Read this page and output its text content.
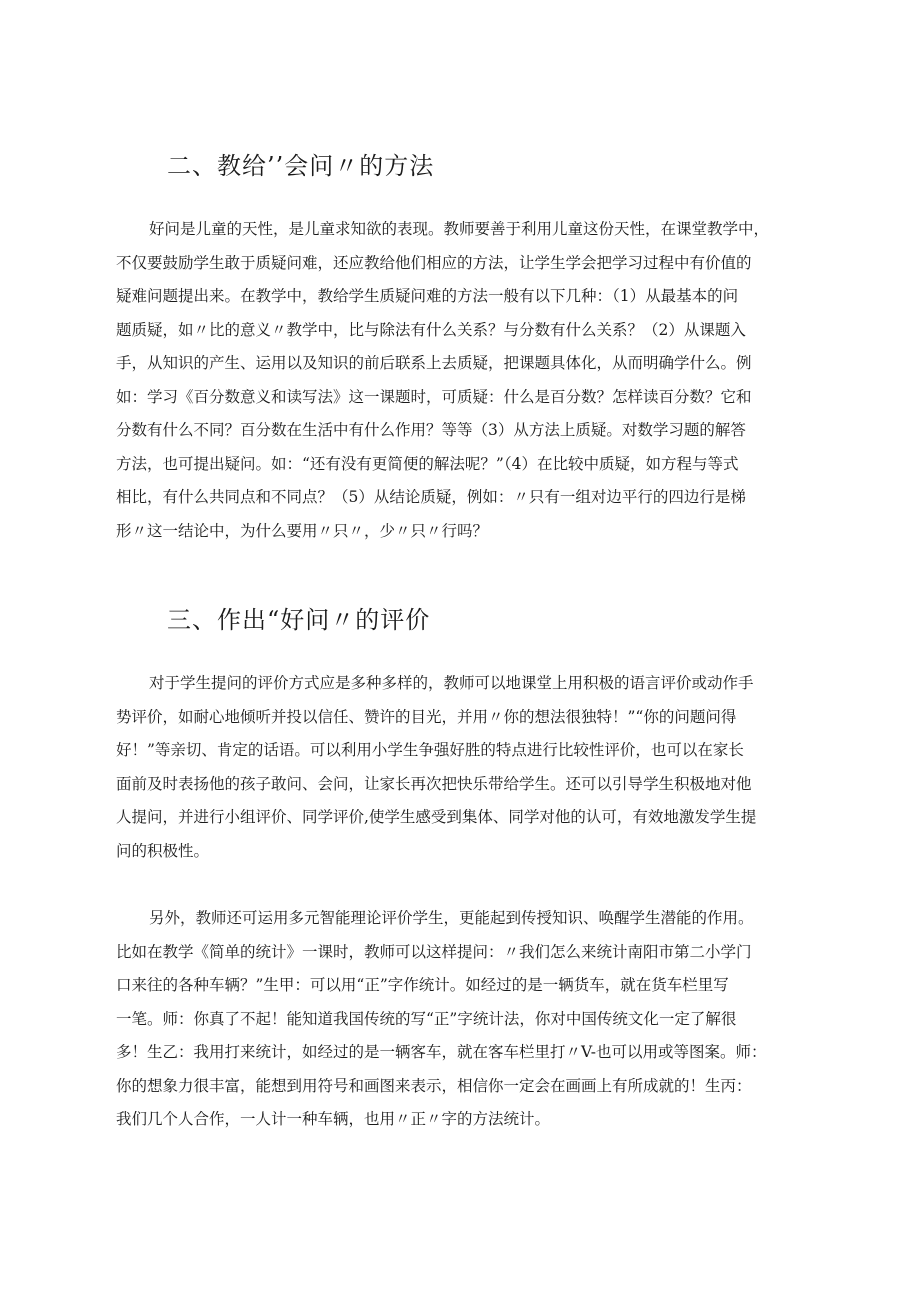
二、教给’’会问〃的方法
好问是儿童的天性，是儿童求知欲的表现。教师要善于利用儿童这份天性，在课堂教学中，
不仅要鼓励学生敢于质疑问难，还应教给他们相应的方法，让学生学会把学习过程中有价值的
疑难问题提出来。在教学中，教给学生质疑问难的方法一般有以下几种：（1）从最基本的问
题质疑，如〃比的意义〃教学中，比与除法有什么关系？与分数有什么关系？（2）从课题入
手，从知识的产生、运用以及知识的前后联系上去质疑，把课题具体化，从而明确学什么。例
如：学习《百分数意义和读写法》这一课题时，可质疑：什么是百分数？怎样读百分数？它和
分数有什么不同？百分数在生活中有什么作用？等等（3）从方法上质疑。对数学习题的解答
方法，也可提出疑问。如：“还有没有更简便的解法呢？”（4）在比较中质疑，如方程与等式
相比，有什么共同点和不同点？（5）从结论质疑，例如：〃只有一组对边平行的四边行是梯
形〃这一结论中，为什么要用〃只〃，少〃只〃行吗？
三、作出“好问〃的评价
对于学生提问的评价方式应是多种多样的，教师可以地课堂上用积极的语言评价或动作手
势评价，如耐心地倾听并投以信任、赞许的目光，并用〃你的想法很独特！”“你的问题问得
好！”等亲切、肯定的话语。可以利用小学生争强好胜的特点进行比较性评价，也可以在家长
面前及时表扬他的孩子敢问、会问，让家长再次把快乐带给学生。还可以引导学生积极地对他
人提问，并进行小组评价、同学评价,使学生感受到集体、同学对他的认可，有效地激发学生提
问的积极性。
另外，教师还可运用多元智能理论评价学生，更能起到传授知识、唤醒学生潜能的作用。
比如在教学《简单的统计》一课时，教师可以这样提问：〃我们怎么来统计南阳市第二小学门
口来往的各种车辆？”生甲：可以用“正”字作统计。如经过的是一辆货车，就在货车栏里写
一笔。师：你真了不起！能知道我国传统的写“正”字统计法，你对中国传统文化一定了解很
多！生乙：我用打来统计，如经过的是一辆客车，就在客车栏里打〃V-也可以用或等图案。师：
你的想象力很丰富，能想到用符号和画图来表示，相信你一定会在画画上有所成就的！生丙：
我们几个人合作，一人计一种车辆，也用〃正〃字的方法统计。
